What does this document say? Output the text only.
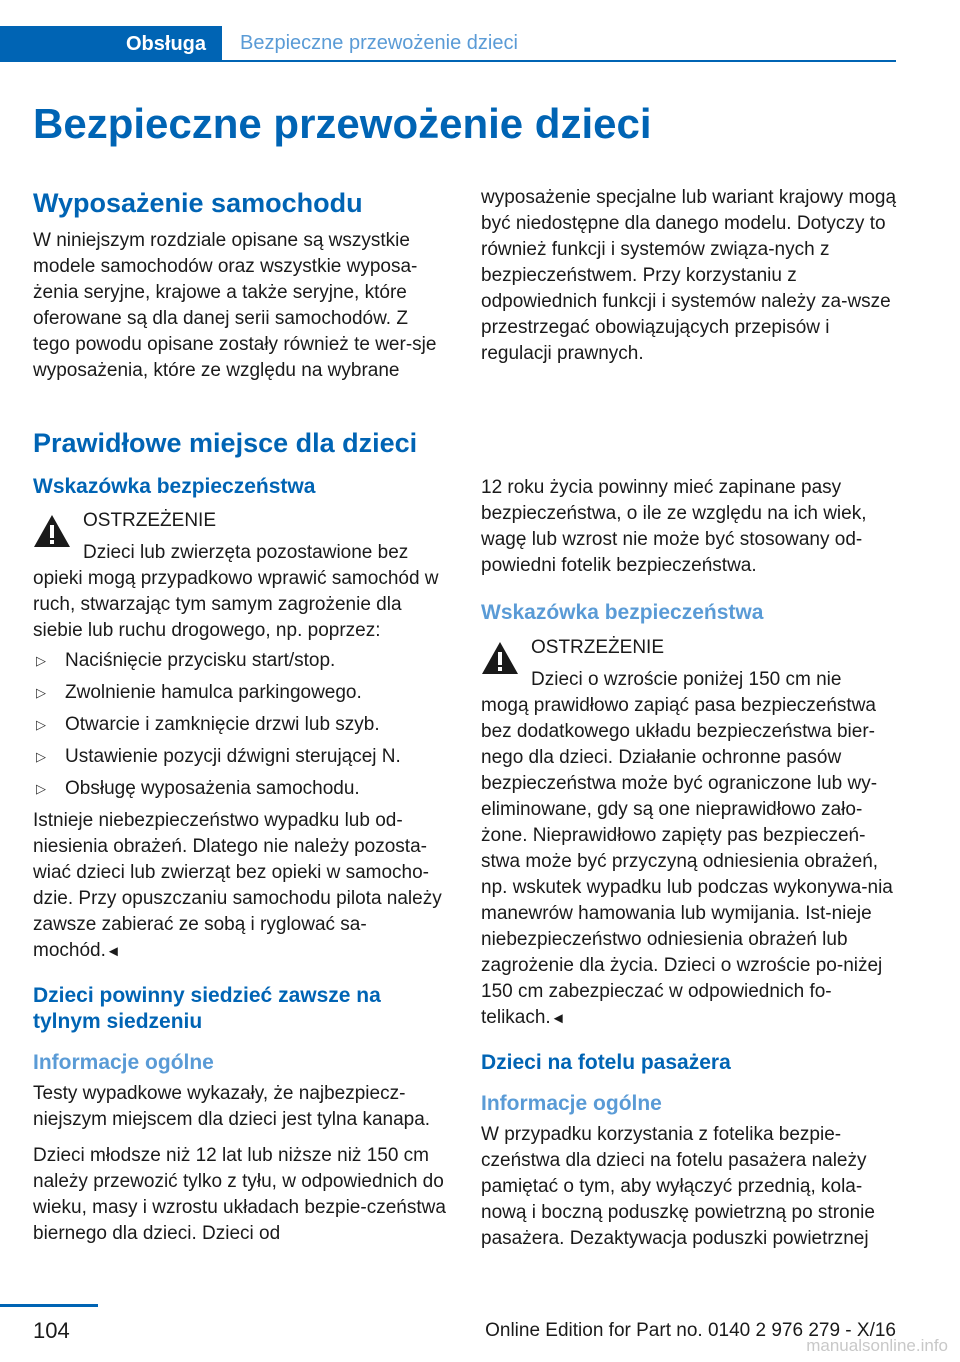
Obsługa	Bezpieczne przewożenie dzieci
Bezpieczne przewożenie dzieci
Wyposażenie samochodu

W niniejszym rozdziale opisane są wszystkie modele samochodów oraz wszystkie wyposa-żenia seryjne, krajowe a także seryjne, które oferowane są dla danej serii samochodów. Z tego powodu opisane zostały również te wer-sje wyposażenia, które ze względu na wybrane

wyposażenie specjalne lub wariant krajowy mogą być niedostępne dla danego modelu. Dotyczy to również funkcji i systemów związa-nych z bezpieczeństwem. Przy korzystaniu z odpowiednich funkcji i systemów należy za-wsze przestrzegać obowiązujących przepisów i regulacji prawnych.

Prawidłowe miejsce dla dzieci
Wskazówka bezpieczeństwa
OSTRZEŻENIE
Dzieci lub zwierzęta pozostawione bez

opieki mogą przypadkowo wprawić samochód w ruch, stwarzając tym samym zagrożenie dla siebie lub ruchu drogowego, np. poprzez:

▷ Naciśnięcie przycisku start/stop.
▷ Zwolnienie hamulca parkingowego.
▷ Otwarcie i zamknięcie drzwi lub szyb.
▷ Ustawienie pozycji dźwigni sterującej N.
▷ Obsługę wyposażenia samochodu.

Istnieje niebezpieczeństwo wypadku lub od-niesienia obrażeń. Dlatego nie należy pozosta-wiać dzieci lub zwierząt bez opieki w samocho-dzie. Przy opuszczaniu samochodu pilota należy zawsze zabierać ze sobą i ryglować sa-mochód.◄

Dzieci powinny siedzieć zawsze na tylnym siedzeniu
Informacje ogólne

Testy wypadkowe wykazały, że najbezpiecz-niejszym miejscem dla dzieci jest tylna kanapa.

Dzieci młodsze niż 12 lat lub niższe niż 150 cm należy przewozić tylko z tyłu, w odpowiednich do wieku, masy i wzrostu układach bezpie-czeństwa biernego dla dzieci. Dzieci od

12 roku życia powinny mieć zapinane pasy bezpieczeństwa, o ile ze względu na ich wiek, wagę lub wzrost nie może być stosowany od-powiedni fotelik bezpieczeństwa.

Wskazówka bezpieczeństwa
OSTRZEŻENIE
Dzieci o wzroście poniżej 150 cm nie

mogą prawidłowo zapiąć pasa bezpieczeństwa bez dodatkowego układu bezpieczeństwa bier-nego dla dzieci. Działanie ochronne pasów bezpieczeństwa może być ograniczone lub wy-eliminowane, gdy są one nieprawidłowo zało-żone. Nieprawidłowo zapięty pas bezpieczeń-stwa może być przyczyną odniesienia obrażeń, np. wskutek wypadku lub podczas wykonywa-nia manewrów hamowania lub wymijania. Ist-nieje niebezpieczeństwo odniesienia obrażeń lub zagrożenie dla życia. Dzieci o wzroście po-niżej 150 cm zabezpieczać w odpowiednich fo-telikach.◄

Dzieci na fotelu pasażera
Informacje ogólne

W przypadku korzystania z fotelika bezpie-czeństwa dla dzieci na fotelu pasażera należy pamiętać o tym, aby wyłączyć przednią, kola-nową i boczną poduszkę powietrzną po stronie pasażera. Dezaktywacja poduszki powietrznej

104	Online Edition for Part no. 0140 2 976 279 - X/16
manualsonline.info
